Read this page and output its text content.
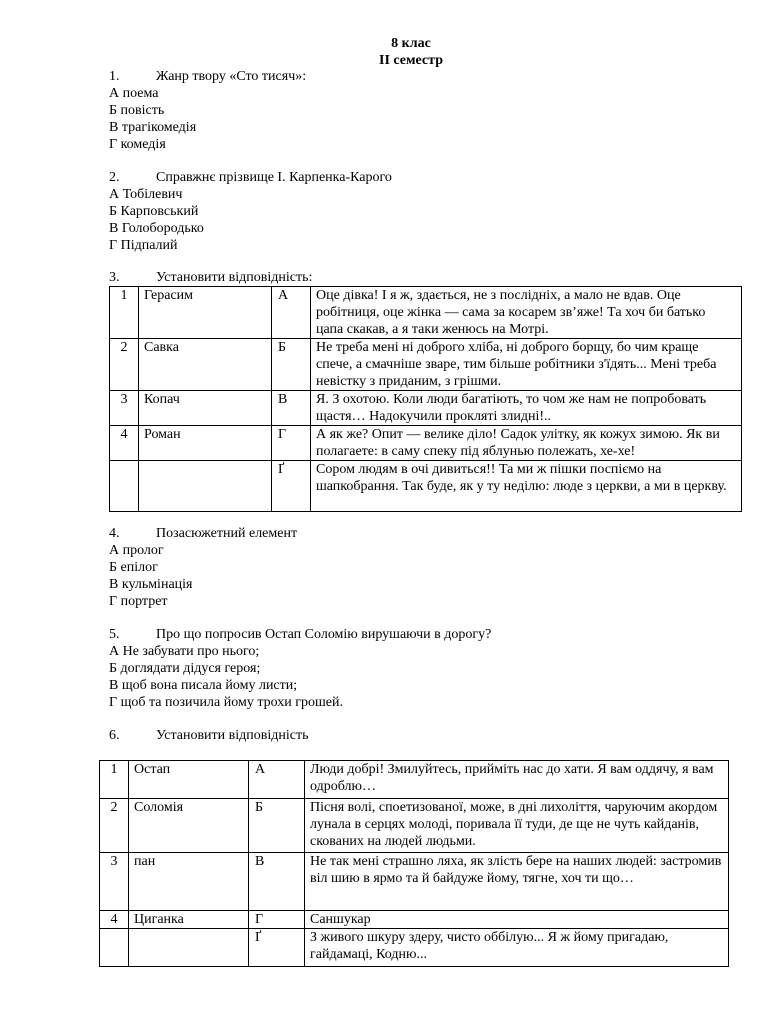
8 клас
ІІ семестр
1.	Жанр твору «Сто тисяч»:
А поема
Б повість
В трагікомедія
Г комедія
2.	Справжнє прізвище І. Карпенка-Карого
А Тобілевич
Б Карповський
В Голобородько
Г Підпалий
3.	Установити відповідність:
1	Герасим	А	Оце дівка! І я ж, здається, не з послідніх, а мало не вдав. Оце робітниця, оце жінка — сама за косарем зв’яже! Та хоч би батько цапа скакав, а я таки женюсь на Мотрі.
2	Савка	Б	Не треба мені ні доброго хліба, ні доброго борщу, бо чим краще спече, а смачніше зваре, тим більше робітники з'їдять... Мені треба невістку з приданим, з грішми.
3	Копач	В	Я. З охотою. Коли люди багатіють, то чом же нам не попробовать щастя… Надокучили прокляті злидні!..
4	Роман	Г	А як же? Опит — велике діло! Садок улітку, як кожух зимою. Як ви полагаете: в саму спеку під яблунью полежать, хе-хе!
		Ґ	Сором людям в очі дивиться!! Та ми ж пішки поспіємо на шапкобрання. Так буде, як у ту неділю: люде з церкви, а ми в церкву.
4.	Позасюжетний елемент
А пролог
Б епілог
В кульмінація
Г портрет
5.	Про що попросив Остап Соломію вирушаючи в дорогу?
А Не забувати про нього;
Б доглядати дідуся героя;
В щоб вона писала йому листи;
Г щоб та позичила йому трохи грошей.
6.	Установити відповідність
1	Остап	А	Люди добрі! Змилуйтесь, прийміть нас до хати. Я вам оддячу, я вам одроблю…
2	Соломія	Б	Пісня волі, споетизованої, може, в дні лихоліття, чаруючим акордом лунала в серцях молоді, поривала її туди, де ще не чуть кайданів, скованих на людей людьми.
3	пан	В	Не так мені страшно ляха, як злість бере на наших людей: застромив віл шию в ярмо та й байдуже йому, тягне, хоч ти що…
4	Циганка	Г	Саншукар
		Ґ	З живого шкуру здеру, чисто оббілую... Я ж йому пригадаю, гайдамаці, Кодню...
